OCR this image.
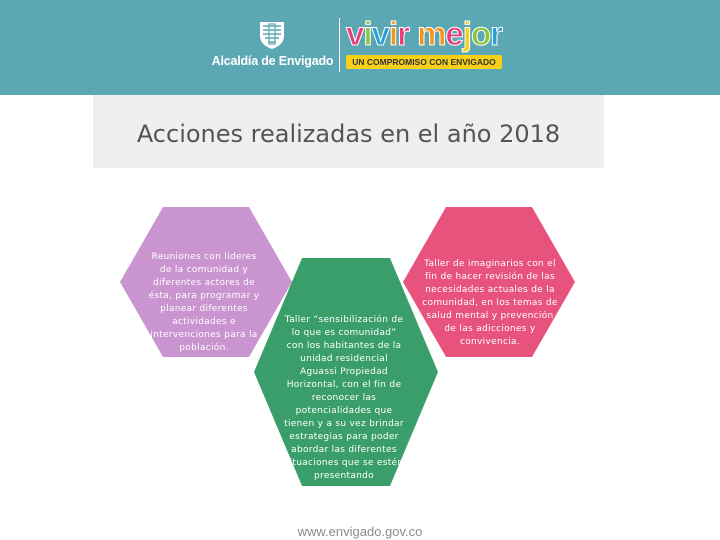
Alcaldía de Envigado
vivir mejor
UN COMPROMISO CON ENVIGADO
Acciones realizadas en el año 2018
Reuniones con líderes de la comunidad y diferentes actores de ésta, para programar y planear diferentes actividades e intervenciones para la población.
Taller “sensibilización de lo que es comunidad” con los habitantes de la unidad residencial Aguassi Propiedad Horizontal, con el fin de reconocer las potencialidades que tienen y a su vez brindar estrategias para poder abordar las diferentes situaciones que se estén presentando
Taller de imaginarios con el fin de hacer revisión de las necesidades actuales de la comunidad, en los temas de salud mental y prevención de las adicciones y convivencia.
www.envigado.gov.co
